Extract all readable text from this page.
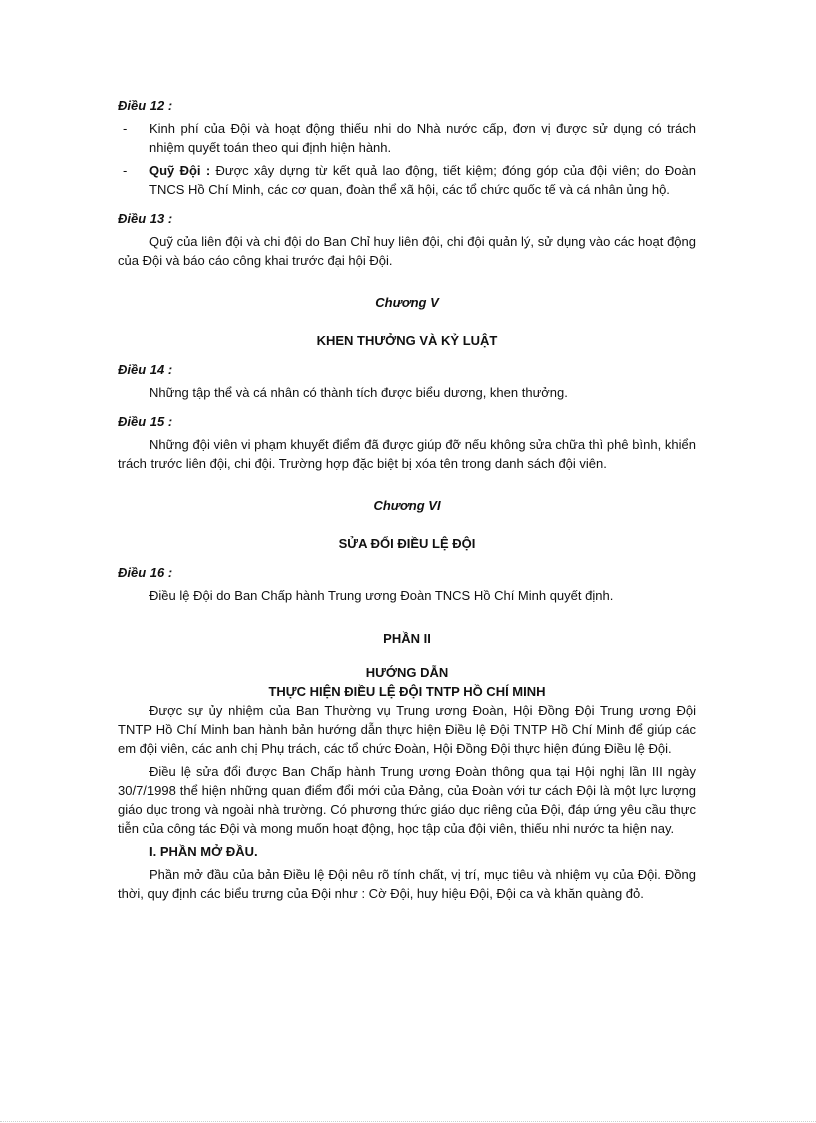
Điều 12 :

- Kinh phí của Đội và hoạt động thiếu nhi do Nhà nước cấp, đơn vị được sử dụng có trách nhiệm quyết toán theo qui định hiện hành.
- Quỹ Đội : Được xây dựng từ kết quả lao động, tiết kiệm; đóng góp của đội viên; do Đoàn TNCS Hồ Chí Minh, các cơ quan, đoàn thể xã hội, các tổ chức quốc tế và cá nhân ủng hộ.

Điều 13 :

Quỹ của liên đội và chi đội do Ban Chỉ huy liên đội, chi đội quản lý, sử dụng vào các hoạt động của Đội và báo cáo công khai trước đại hội Đội.

Chương V

KHEN THƯỞNG VÀ KỶ LUẬT

Điều 14 :

Những tập thể và cá nhân có thành tích được biểu dương, khen thưởng.

Điều 15 :

Những đội viên vi phạm khuyết điểm đã được giúp đỡ nếu không sửa chữa thì phê bình, khiển trách trước liên đội, chi đội. Trường hợp đặc biệt bị xóa tên trong danh sách đội viên.

Chương VI

SỬA ĐỔI ĐIỀU LỆ ĐỘI

Điều 16 :

Điều lệ Đội do Ban Chấp hành Trung ương Đoàn TNCS Hồ Chí Minh quyết định.

PHẦN II

HƯỚNG DẪN

THỰC HIỆN ĐIỀU LỆ ĐỘI TNTP HỒ CHÍ MINH

Được sự ủy nhiệm của Ban Thường vụ Trung ương Đoàn, Hội Đồng Đội Trung ương Đội TNTP Hồ Chí Minh ban hành bản hướng dẫn thực hiện Điều lệ Đội TNTP Hồ Chí Minh để giúp các em đội viên, các anh chị Phụ trách, các tổ chức Đoàn, Hội Đồng Đội thực hiện đúng Điều lệ Đội.

Điều lệ sửa đổi được Ban Chấp hành Trung ương Đoàn thông qua tại Hội nghị lần III ngày 30/7/1998 thể hiện những quan điểm đổi mới của Đảng, của Đoàn với tư cách Đội là một lực lượng giáo dục trong và ngoài nhà trường. Có phương thức giáo dục riêng của Đội, đáp ứng yêu cầu thực tiễn của công tác Đội và mong muốn hoạt động, học tập của đội viên, thiếu nhi nước ta hiện nay.

I. PHẦN MỞ ĐẦU.

Phần mở đầu của bản Điều lệ Đội nêu rõ tính chất, vị trí, mục tiêu và nhiệm vụ của Đội. Đồng thời, quy định các biểu trưng của Đội như : Cờ Đội, huy hiệu Đội, Đội ca và khăn quàng đỏ.
